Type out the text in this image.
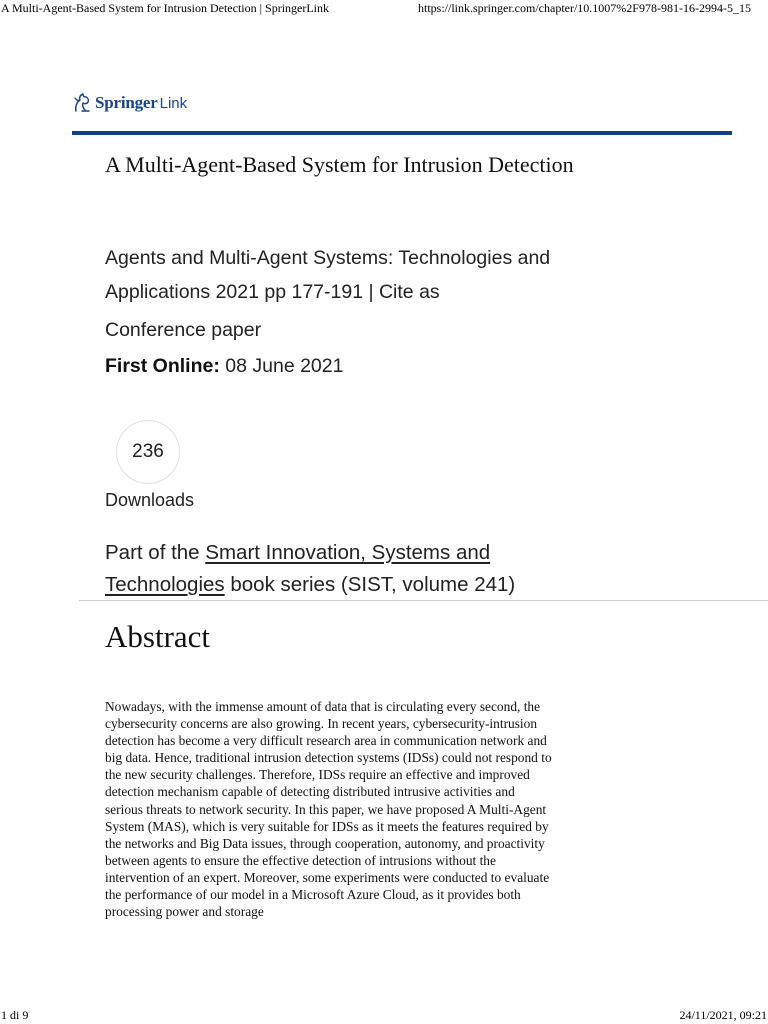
A Multi-Agent-Based System for Intrusion Detection | SpringerLink	https://link.springer.com/chapter/10.1007%2F978-981-16-2994-5_15
Springer Link
A Multi-Agent-Based System for Intrusion Detection
Agents and Multi-Agent Systems: Technologies and Applications 2021 pp 177-191 | Cite as
Conference paper
First Online: 08 June 2021
236
Downloads
Part of the Smart Innovation, Systems and Technologies book series (SIST, volume 241)
Abstract

Nowadays, with the immense amount of data that is circulating every second, the cybersecurity concerns are also growing. In recent years, cybersecurity-intrusion detection has become a very difficult research area in communication network and big data. Hence, traditional intrusion detection systems (IDSs) could not respond to the new security challenges. Therefore, IDSs require an effective and improved detection mechanism capable of detecting distributed intrusive activities and serious threats to network security. In this paper, we have proposed A Multi-Agent System (MAS), which is very suitable for IDSs as it meets the features required by the networks and Big Data issues, through cooperation, autonomy, and proactivity between agents to ensure the effective detection of intrusions without the intervention of an expert. Moreover, some experiments were conducted to evaluate the performance of our model in a Microsoft Azure Cloud, as it provides both processing power and storage

1 di 9	24/11/2021, 09:21
